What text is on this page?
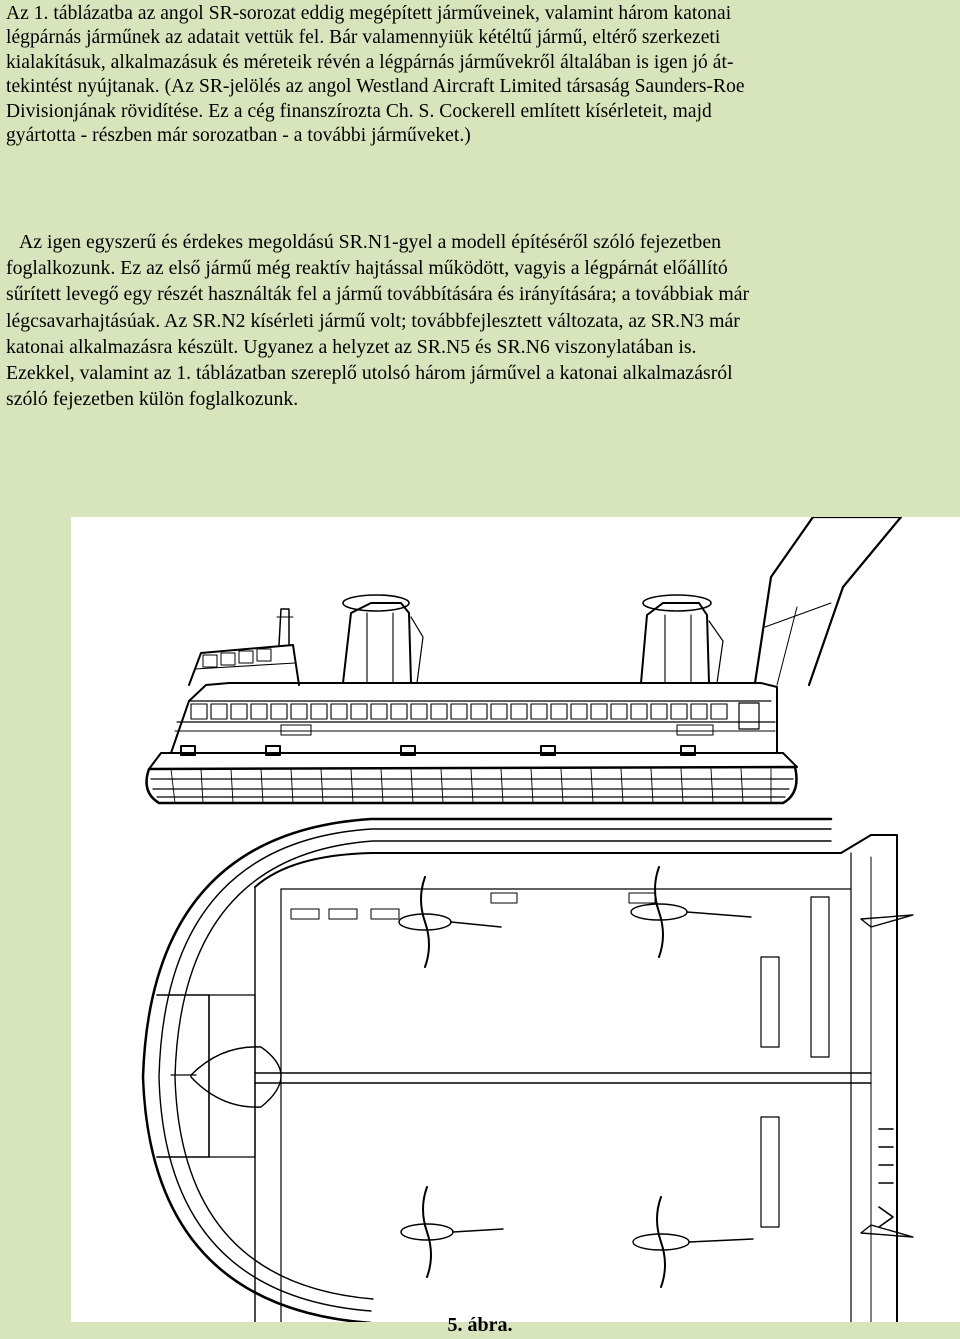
Az 1. táblázatba az angol SR-sorozat eddig megépített járműveinek, valamint három katonai
légpárnás járműnek az adatait vettük fel. Bár valamennyiük kétéltű jármű, eltérő szerkezeti
kialakításuk, alkalmazásuk és méreteik révén a légpárnás járművekről általában is igen jó át-
tekintést nyújtanak. (Az SR-jelölés az angol Westland Aircraft Limited társaság Saunders-Roe
Divisionjának rövidítése. Ez a cég finanszírozta Ch. S. Cockerell említett kísérleteit, majd
gyártotta - részben már sorozatban - a további járműveket.)
Az igen egyszerű és érdekes megoldású SR.N1-gyel a modell építéséről szóló fejezetben
foglalkozunk. Ez az első jármű még reaktív hajtással működött, vagyis a légpárnát előállító
sűrített levegő egy részét használták fel a jármű továbbítására és irányítására; a továbbiak már
légcsavarhajtásúak. Az SR.N2 kísérleti jármű volt; továbbfejlesztett változata, az SR.N3 már
katonai alkalmazásra készült. Ugyanez a helyzet az SR.N5 és SR.N6 viszonylatában is.
Ezekkel, valamint az 1. táblázatban szereplő utolsó három járművel a katonai alkalmazásról
szóló fejezetben külön foglalkozunk.
5. ábra.
